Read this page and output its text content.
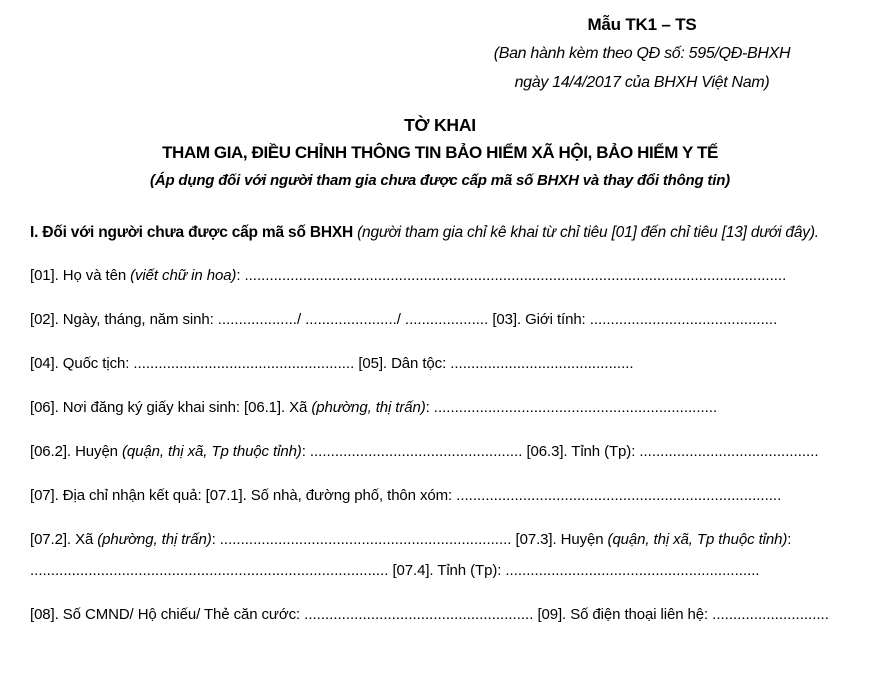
Mẫu TK1 – TS
(Ban hành kèm theo QĐ số: 595/QĐ-BHXH
ngày 14/4/2017 của BHXH Việt Nam)
TỜ KHAI
THAM GIA, ĐIỀU CHỈNH THÔNG TIN BẢO HIỂM XÃ HỘI, BẢO HIỂM Y TẾ
(Áp dụng đối với người tham gia chưa được cấp mã số BHXH và thay đổi thông tin)
I. Đối với người chưa được cấp mã số BHXH (người tham gia chỉ kê khai từ chỉ tiêu [01] đến chỉ tiêu [13] dưới đây).
[01]. Họ và tên (viết chữ in hoa): ..................................................................................................................................
[02]. Ngày, tháng, năm sinh: .................../ ....................../ .................... [03]. Giới tính: .............................................
[04]. Quốc tịch: ..................................................... [05]. Dân tộc: ............................................
[06]. Nơi đăng ký giấy khai sinh: [06.1]. Xã (phường, thị trấn): ....................................................................
[06.2]. Huyện (quận, thị xã, Tp thuộc tỉnh): ................................................... [06.3]. Tỉnh (Tp): ...........................................
[07]. Địa chỉ nhận kết quả: [07.1]. Số nhà, đường phố, thôn xóm: ..............................................................................
[07.2]. Xã (phường, thị trấn): ...................................................................... [07.3]. Huyện (quận, thị xã, Tp thuộc tỉnh):
...................................................................................... [07.4]. Tỉnh (Tp): .............................................................
[08]. Số CMND/ Hộ chiếu/ Thẻ căn cước: ....................................................... [09]. Số điện thoại liên hệ: ............................
